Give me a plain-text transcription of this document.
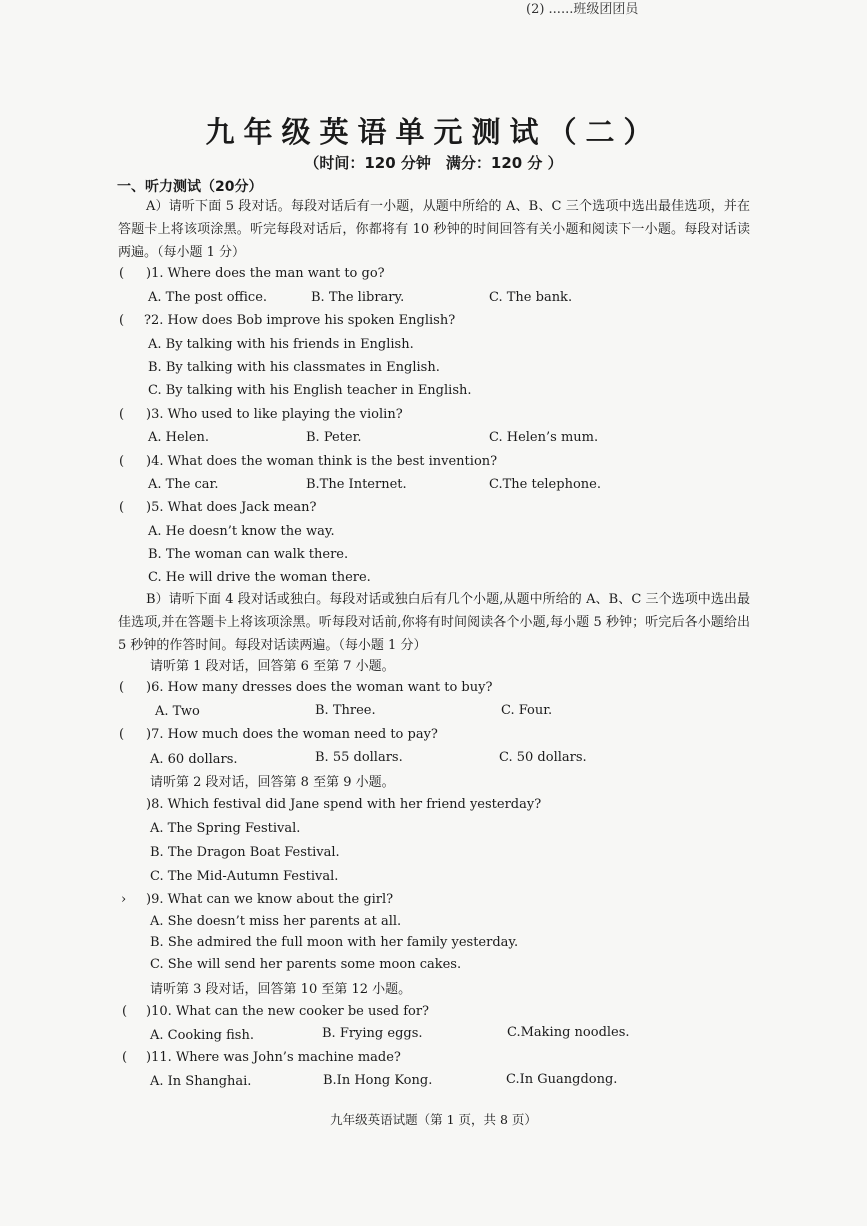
(2) ......班级团团员
九年级英语单元测试（二）
（时间：120 分钟　满分：120 分 ）
一、听力测试（20分）
A）请听下面 5 段对话。每段对话后有一小题，从题中所给的 A、B、C 三个选项中选出最佳选项，并在答题卡上将该项涂黑。听完每段对话后，你都将有 10 秒钟的时间回答有关小题和阅读下一小题。每段对话读两遍。（每小题 1 分）
( )1. Where does the man want to go?
A. The post office.	B. The library.	C. The bank.
( ?2. How does Bob improve his spoken English?
A. By talking with his friends in English.
B. By talking with his classmates in English.
C. By talking with his English teacher in English.
( )3. Who used to like playing the violin?
A. Helen.	B. Peter.	C. Helen’s mum.
( )4. What does the woman think is the best invention?
A. The car.	B.The Internet.	C.The telephone.
( )5. What does Jack mean?
A. He doesn’t know the way.
B. The woman can walk there.
C. He will drive the woman there.
B）请听下面 4 段对话或独白。每段对话或独白后有几个小题,从题中所给的 A、B、C 三个选项中选出最佳选项,并在答题卡上将该项涂黑。听每段对话前,你将有时间阅读各个小题,每小题 5 秒钟；听完后各小题给出 5 秒钟的作答时间。每段对话读两遍。（每小题 1 分）
请听第 1 段对话，回答第 6 至第 7 小题。
( )6. How many dresses does the woman want to buy?
A. Two	B. Three.	C. Four.
( )7. How much does the woman need to pay?
A. 60 dollars.	B. 55 dollars.	C. 50 dollars.
请听第 2 段对话，回答第 8 至第 9 小题。
)8. Which festival did Jane spend with her friend yesterday?
A. The Spring Festival.
B. The Dragon Boat Festival.
C. The Mid-Autumn Festival.
› )9. What can we know about the girl?
A. She doesn’t miss her parents at all.
B. She admired the full moon with her family yesterday.
C. She will send her parents some moon cakes.
请听第 3 段对话，回答第 10 至第 12 小题。
( )10. What can the new cooker be used for?
A. Cooking fish.	B. Frying eggs.	C.Making noodles.
( )11. Where was John’s machine made?
A. In Shanghai.	B.In Hong Kong.	C.In Guangdong.
九年级英语试题（第 1 页，共 8 页）
